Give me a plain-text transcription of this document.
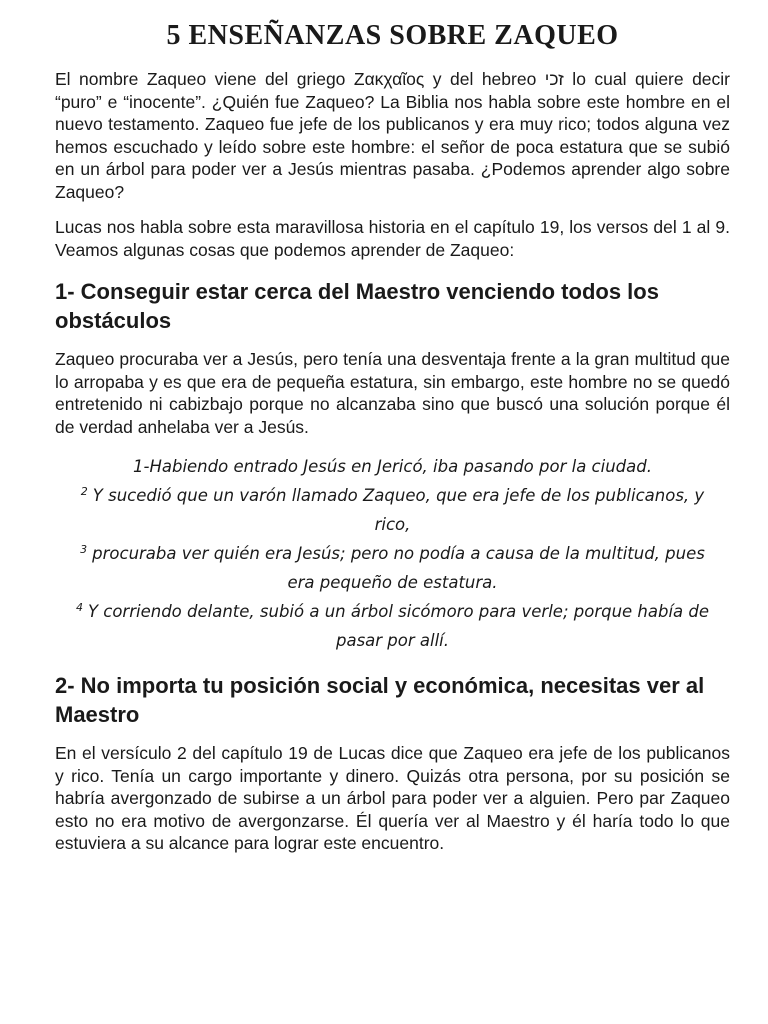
5 ENSEÑANZAS SOBRE ZAQUEO

El nombre Zaqueo viene del griego Ζακχαῖος y del hebreo זכי lo cual quiere decir “puro” e “inocente”. ¿Quién fue Zaqueo? La Biblia nos habla sobre este hombre en el nuevo testamento. Zaqueo fue jefe de los publicanos y era muy rico; todos alguna vez hemos escuchado y leído sobre este hombre: el señor de poca estatura que se subió en un árbol para poder ver a Jesús mientras pasaba. ¿Podemos aprender algo sobre Zaqueo?

Lucas nos habla sobre esta maravillosa historia en el capítulo 19, los versos del 1 al 9. Veamos algunas cosas que podemos aprender de Zaqueo:

1- Conseguir estar cerca del Maestro venciendo todos los obstáculos

Zaqueo procuraba ver a Jesús, pero tenía una desventaja frente a la gran multitud que lo arropaba y es que era de pequeña estatura, sin embargo, este hombre no se quedó entretenido ni cabizbajo porque no alcanzaba sino que buscó una solución porque él de verdad anhelaba ver a Jesús.

1-Habiendo entrado Jesús en Jericó, iba pasando por la ciudad.

$^2$ Y sucedió que un varón llamado Zaqueo, que era jefe de los publicanos, y rico,

$^3$ procuraba ver quién era Jesús; pero no podía a causa de la multitud, pues era pequeño de estatura.

$^4$ Y corriendo delante, subió a un árbol sicómoro para verle; porque había de pasar por allí.

2- No importa tu posición social y económica, necesitas ver al Maestro

En el versículo 2 del capítulo 19 de Lucas dice que Zaqueo era jefe de los publicanos y rico. Tenía un cargo importante y dinero. Quizás otra persona, por su posición se habría avergonzado de subirse a un árbol para poder ver a alguien. Pero par Zaqueo esto no era motivo de avergonzarse. Él quería ver al Maestro y él haría todo lo que estuviera a su alcance para lograr este encuentro.
